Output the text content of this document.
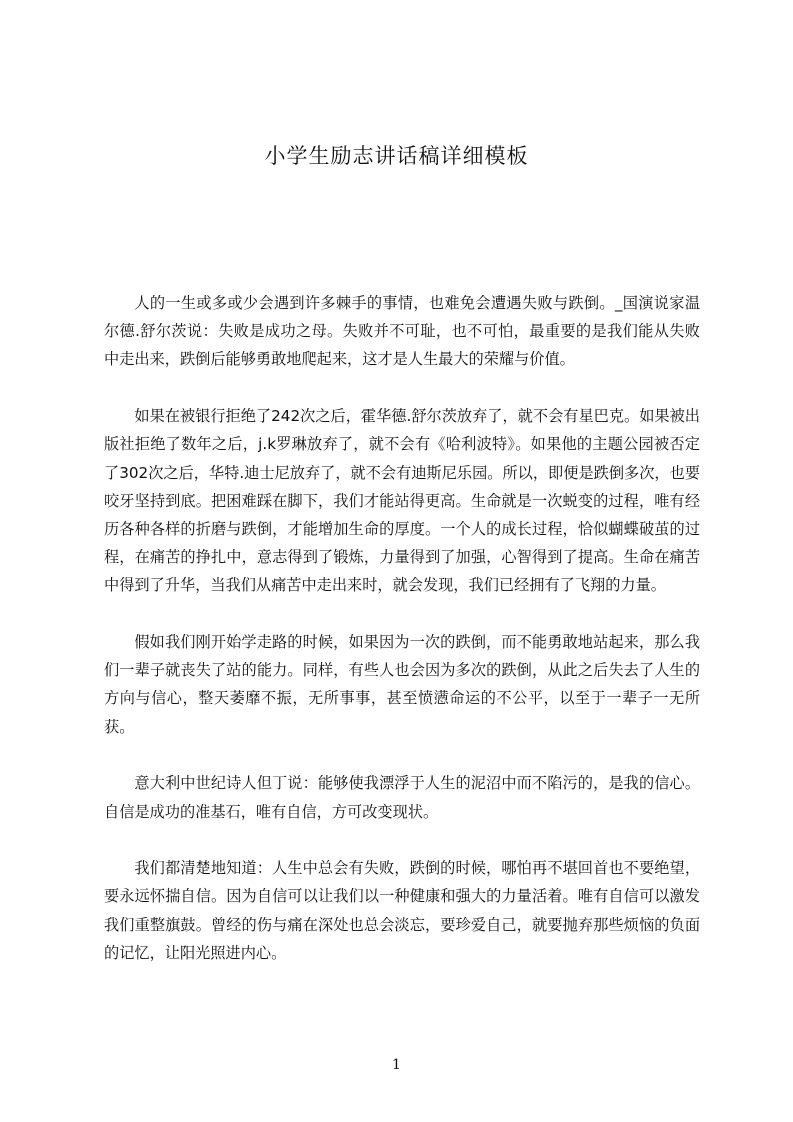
小学生励志讲话稿详细模板

人的一生或多或少会遇到许多棘手的事情，也难免会遭遇失败与跌倒。_国演说家温尔德.舒尔茨说：失败是成功之母。失败并不可耻，也不可怕，最重要的是我们能从失败中走出来，跌倒后能够勇敢地爬起来，这才是人生最大的荣耀与价值。

如果在被银行拒绝了242次之后，霍华德.舒尔茨放弃了，就不会有星巴克。如果被出版社拒绝了数年之后，j.k罗琳放弃了，就不会有《哈利波特》。如果他的主题公园被否定了302次之后，华特.迪士尼放弃了，就不会有迪斯尼乐园。所以，即便是跌倒多次，也要咬牙坚持到底。把困难踩在脚下，我们才能站得更高。生命就是一次蜕变的过程，唯有经历各种各样的折磨与跌倒，才能增加生命的厚度。一个人的成长过程，恰似蝴蝶破茧的过程，在痛苦的挣扎中，意志得到了锻炼，力量得到了加强，心智得到了提高。生命在痛苦中得到了升华，当我们从痛苦中走出来时，就会发现，我们已经拥有了飞翔的力量。

假如我们刚开始学走路的时候，如果因为一次的跌倒，而不能勇敢地站起来，那么我们一辈子就丧失了站的能力。同样，有些人也会因为多次的跌倒，从此之后失去了人生的方向与信心，整天萎靡不振，无所事事，甚至愤懑命运的不公平，以至于一辈子一无所获。

意大利中世纪诗人但丁说：能够使我漂浮于人生的泥沼中而不陷污的，是我的信心。自信是成功的准基石，唯有自信，方可改变现状。

我们都清楚地知道：人生中总会有失败，跌倒的时候，哪怕再不堪回首也不要绝望，要永远怀揣自信。因为自信可以让我们以一种健康和强大的力量活着。唯有自信可以激发我们重整旗鼓。曾经的伤与痛在深处也总会淡忘，要珍爱自己，就要抛弃那些烦恼的负面的记忆，让阳光照进内心。

1
